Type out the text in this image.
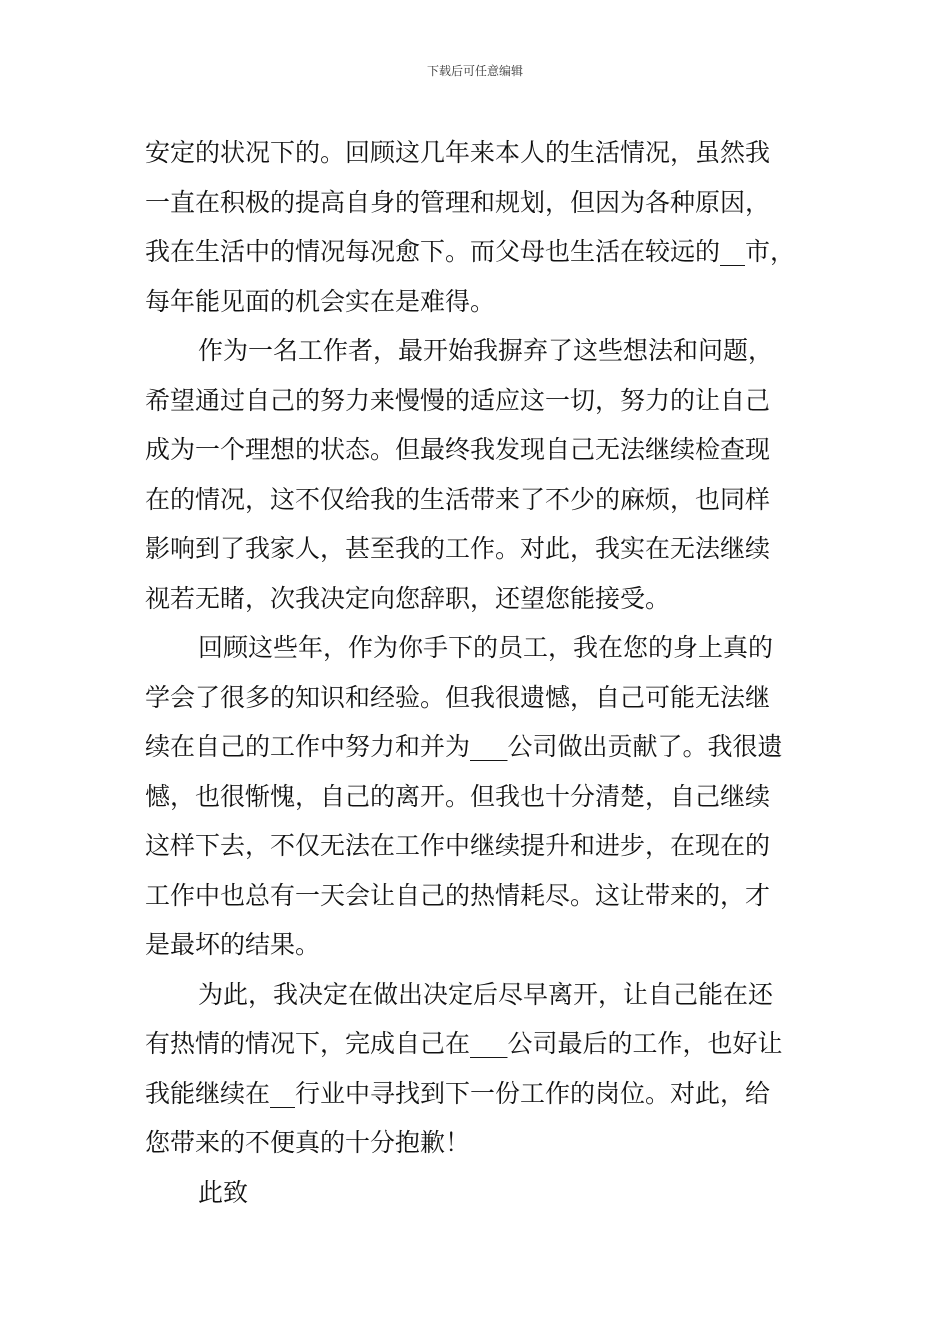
下载后可任意编辑
安定的状况下的。回顾这几年来本人的生活情况，虽然我
一直在积极的提高自身的管理和规划，但因为各种原因，
我在生活中的情况每况愈下。而父母也生活在较远的__市，
每年能见面的机会实在是难得。
作为一名工作者，最开始我摒弃了这些想法和问题，
希望通过自己的努力来慢慢的适应这一切，努力的让自己
成为一个理想的状态。但最终我发现自己无法继续检查现
在的情况，这不仅给我的生活带来了不少的麻烦，也同样
影响到了我家人，甚至我的工作。对此，我实在无法继续
视若无睹，次我决定向您辞职，还望您能接受。
回顾这些年，作为你手下的员工，我在您的身上真的
学会了很多的知识和经验。但我很遗憾，自己可能无法继
续在自己的工作中努力和并为___公司做出贡献了。我很遗
憾，也很惭愧，自己的离开。但我也十分清楚，自己继续
这样下去，不仅无法在工作中继续提升和进步，在现在的
工作中也总有一天会让自己的热情耗尽。这让带来的，才
是最坏的结果。
为此，我决定在做出决定后尽早离开，让自己能在还
有热情的情况下，完成自己在___公司最后的工作，也好让
我能继续在__行业中寻找到下一份工作的岗位。对此，给
您带来的不便真的十分抱歉！
此致
